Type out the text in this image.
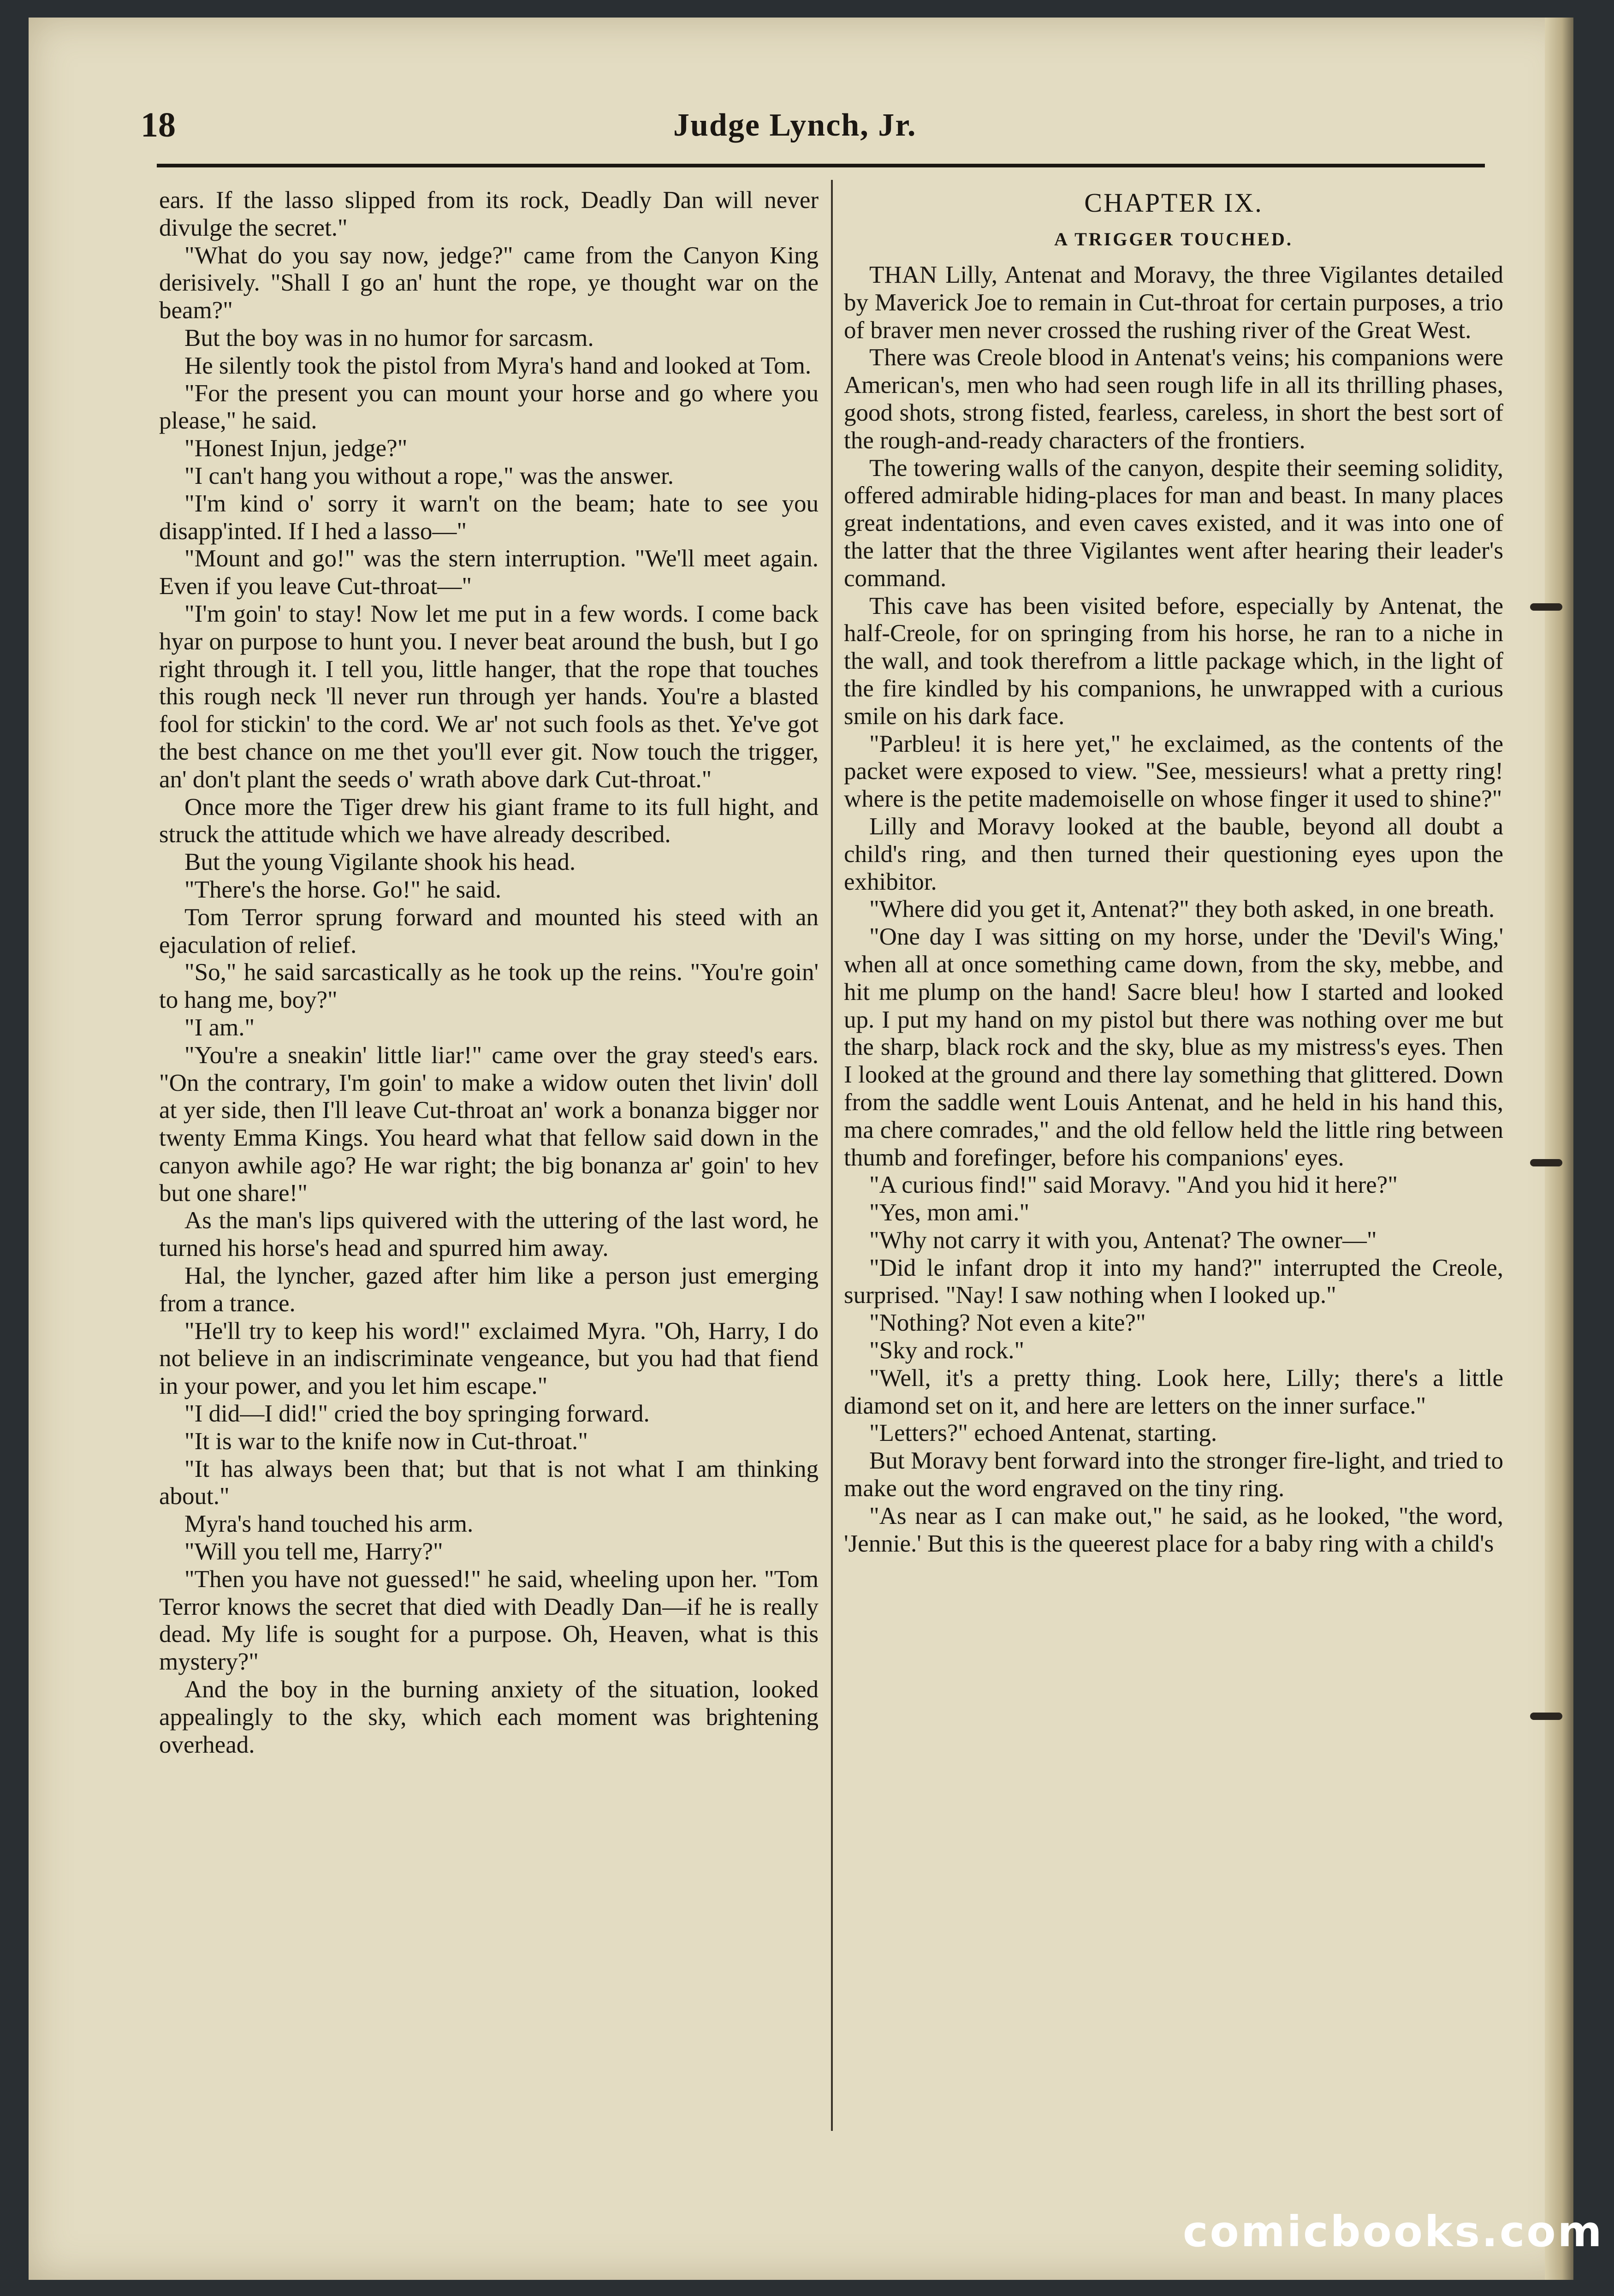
18	Judge Lynch, Jr.

ears. If the lasso slipped from its rock, Deadly Dan will never divulge the secret."

"What do you say now, jedge?" came from the Canyon King derisively. "Shall I go an' hunt the rope, ye thought war on the beam?"

But the boy was in no humor for sarcasm.

He silently took the pistol from Myra's hand and looked at Tom.

"For the present you can mount your horse and go where you please," he said.

"Honest Injun, jedge?"

"I can't hang you without a rope," was the answer.

"I'm kind o' sorry it warn't on the beam; hate to see you disapp'inted. If I hed a lasso—"

"Mount and go!" was the stern interruption. "We'll meet again. Even if you leave Cut-throat—"

"I'm goin' to stay! Now let me put in a few words. I come back hyar on purpose to hunt you. I never beat around the bush, but I go right through it. I tell you, little hanger, that the rope that touches this rough neck 'll never run through yer hands. You're a blasted fool for stickin' to the cord. We ar' not such fools as thet. Ye've got the best chance on me thet you'll ever git. Now touch the trigger, an' don't plant the seeds o' wrath above dark Cut-throat."

Once more the Tiger drew his giant frame to its full hight, and struck the attitude which we have already described.

But the young Vigilante shook his head.

"There's the horse. Go!" he said.

Tom Terror sprung forward and mounted his steed with an ejaculation of relief.

"So," he said sarcastically as he took up the reins. "You're goin' to hang me, boy?"

"I am."

"You're a sneakin' little liar!" came over the gray steed's ears. "On the contrary, I'm goin' to make a widow outen thet livin' doll at yer side, then I'll leave Cut-throat an' work a bonanza bigger nor twenty Emma Kings. You heard what that fellow said down in the canyon awhile ago? He war right; the big bonanza ar' goin' to hev but one share!"

As the man's lips quivered with the uttering of the last word, he turned his horse's head and spurred him away.

Hal, the lyncher, gazed after him like a person just emerging from a trance.

"He'll try to keep his word!" exclaimed Myra. "Oh, Harry, I do not believe in an indiscriminate vengeance, but you had that fiend in your power, and you let him escape."

"I did—I did!" cried the boy springing forward.

"It is war to the knife now in Cut-throat."

"It has always been that; but that is not what I am thinking about."

Myra's hand touched his arm.

"Will you tell me, Harry?"

"Then you have not guessed!" he said, wheeling upon her. "Tom Terror knows the secret that died with Deadly Dan—if he is really dead. My life is sought for a purpose. Oh, Heaven, what is this mystery?"

And the boy in the burning anxiety of the situation, looked appealingly to the sky, which each moment was brightening overhead.

CHAPTER IX.
A TRIGGER TOUCHED.

THAN Lilly, Antenat and Moravy, the three Vigilantes detailed by Maverick Joe to remain in Cut-throat for certain purposes, a trio of braver men never crossed the rushing river of the Great West.

There was Creole blood in Antenat's veins; his companions were American's, men who had seen rough life in all its thrilling phases, good shots, strong fisted, fearless, careless, in short the best sort of the rough-and-ready characters of the frontiers.

The towering walls of the canyon, despite their seeming solidity, offered admirable hiding-places for man and beast. In many places great indentations, and even caves existed, and it was into one of the latter that the three Vigilantes went after hearing their leader's command.

This cave has been visited before, especially by Antenat, the half-Creole, for on springing from his horse, he ran to a niche in the wall, and took therefrom a little package which, in the light of the fire kindled by his companions, he unwrapped with a curious smile on his dark face.

"Parbleu! it is here yet," he exclaimed, as the contents of the packet were exposed to view. "See, messieurs! what a pretty ring! where is the petite mademoiselle on whose finger it used to shine?"

Lilly and Moravy looked at the bauble, beyond all doubt a child's ring, and then turned their questioning eyes upon the exhibitor.

"Where did you get it, Antenat?" they both asked, in one breath.

"One day I was sitting on my horse, under the 'Devil's Wing,' when all at once something came down, from the sky, mebbe, and hit me plump on the hand! Sacre bleu! how I started and looked up. I put my hand on my pistol but there was nothing over me but the sharp, black rock and the sky, blue as my mistress's eyes. Then I looked at the ground and there lay something that glittered. Down from the saddle went Louis Antenat, and he held in his hand this, ma chere comrades," and the old fellow held the little ring between thumb and forefinger, before his companions' eyes.

"A curious find!" said Moravy. "And you hid it here?"

"Yes, mon ami."

"Why not carry it with you, Antenat? The owner—"

"Did le infant drop it into my hand?" interrupted the Creole, surprised. "Nay! I saw nothing when I looked up."

"Nothing? Not even a kite?"

"Sky and rock."

"Well, it's a pretty thing. Look here, Lilly; there's a little diamond set on it, and here are letters on the inner surface."

"Letters?" echoed Antenat, starting.

But Moravy bent forward into the stronger fire-light, and tried to make out the word engraved on the tiny ring.

"As near as I can make out," he said, as he looked, "the word, 'Jennie.' But this is the queerest place for a baby ring with a child's

comicbooks.com
